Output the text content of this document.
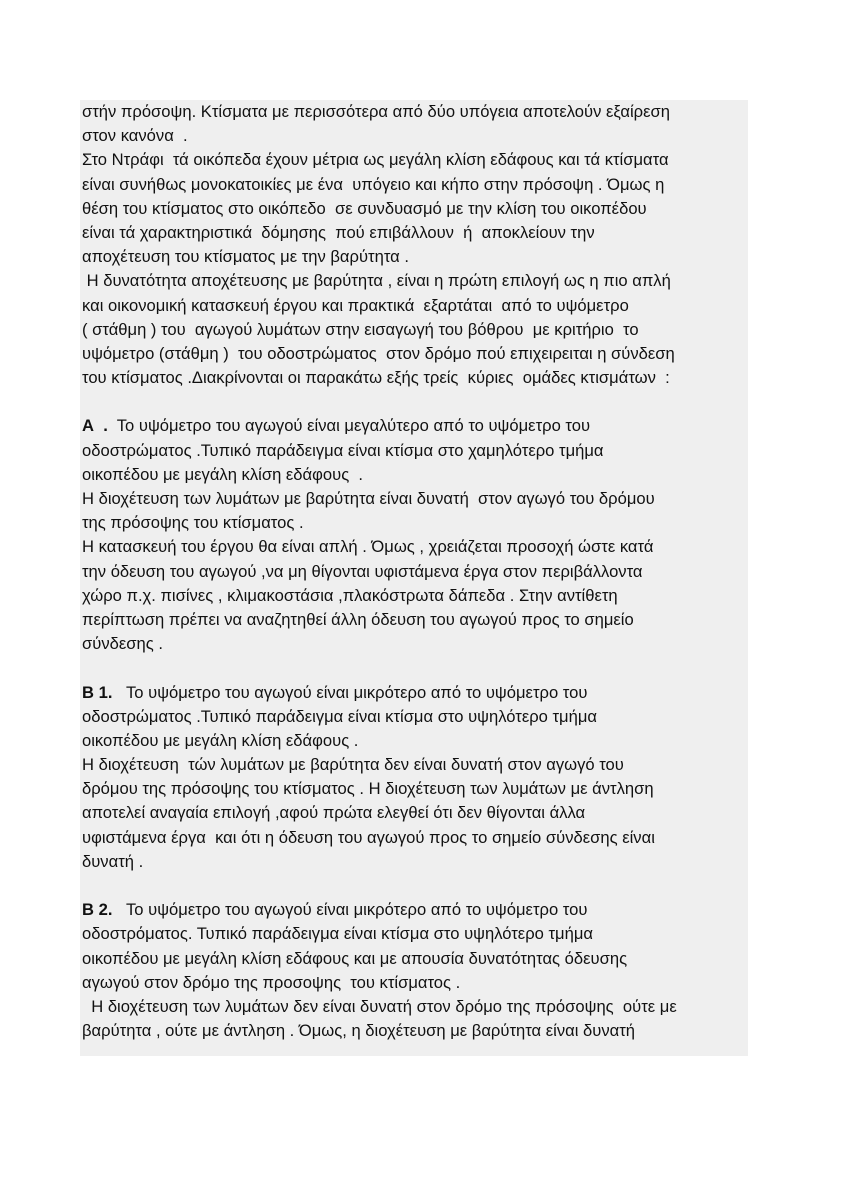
στήν πρόσοψη. Κτίσματα με περισσότερα από δύο υπόγεια αποτελούν εξαίρεση
στον κανόνα  .
Στο Ντράφι  τά οικόπεδα έχουν μέτρια ως μεγάλη κλίση εδάφους και τά κτίσματα
είναι συνήθως μονοκατοικίες με ένα  υπόγειο και κήπο στην πρόσοψη . Όμως η
θέση του κτίσματος στο οικόπεδο  σε συνδυασμό με την κλίση του οικοπέδου
είναι τά χαρακτηριστικά  δόμησης  πού επιβάλλουν  ή  αποκλείουν την
αποχέτευση του κτίσματος με την βαρύτητα .
Η δυνατότητα αποχέτευσης με βαρύτητα , είναι η πρώτη επιλογή ως η πιο απλή
και οικονομική κατασκευή έργου και πρακτικά  εξαρτάται  από το υψόμετρο
( στάθμη ) του  αγωγού λυμάτων στην εισαγωγή του βόθρου  με κριτήριο  το
υψόμετρο (στάθμη )  του οδοστρώματος  στον δρόμο πού επιχειρειται η σύνδεση
του κτίσματος .Διακρίνονται οι παρακάτω εξής τρείς  κύριες  ομάδες κτισμάτων  :
Α  .  Το υψόμετρο του αγωγού είναι μεγαλύτερο από το υψόμετρο του
οδοστρώματος .Τυπικό παράδειγμα είναι κτίσμα στο χαμηλότερο τμήμα
οικοπέδου με μεγάλη κλίση εδάφους  .
Η διοχέτευση των λυμάτων με βαρύτητα είναι δυνατή  στον αγωγό του δρόμου
της πρόσοψης του κτίσματος .
Η κατασκευή του έργου θα είναι απλή . Όμως , χρειάζεται προσοχή ώστε κατά
την όδευση του αγωγού ,να μη θίγονται υφιστάμενα έργα στον περιβάλλοντα
χώρο π.χ. πισίνες , κλιμακοστάσια ,πλακόστρωτα δάπεδα . Στην αντίθετη
περίπτωση πρέπει να αναζητηθεί άλλη όδευση του αγωγού προς το σημείο
σύνδεσης .
Β 1.   Το υψόμετρο του αγωγού είναι μικρότερο από το υψόμετρο του
οδοστρώματος .Τυπικό παράδειγμα είναι κτίσμα στο υψηλότερο τμήμα
οικοπέδου με μεγάλη κλίση εδάφους .
Η διοχέτευση  τών λυμάτων με βαρύτητα δεν είναι δυνατή στον αγωγό του
δρόμου της πρόσοψης του κτίσματος . Η διοχέτευση των λυμάτων με άντληση
αποτελεί αναγαία επιλογή ,αφού πρώτα ελεγθεί ότι δεν θίγονται άλλα
υφιστάμενα έργα  και ότι η όδευση του αγωγού προς το σημείο σύνδεσης είναι
δυνατή .
Β 2.   Το υψόμετρο του αγωγού είναι μικρότερο από το υψόμετρο του
οδοστρόματος. Τυπικό παράδειγμα είναι κτίσμα στο υψηλότερο τμήμα
οικοπέδου με μεγάλη κλίση εδάφους και με απουσία δυνατότητας όδευσης
αγωγού στον δρόμο της προσοψης  του κτίσματος .
Η διοχέτευση των λυμάτων δεν είναι δυνατή στον δρόμο της πρόσοψης  ούτε με
βαρύτητα , ούτε με άντληση . Όμως, η διοχέτευση με βαρύτητα είναι δυνατή
